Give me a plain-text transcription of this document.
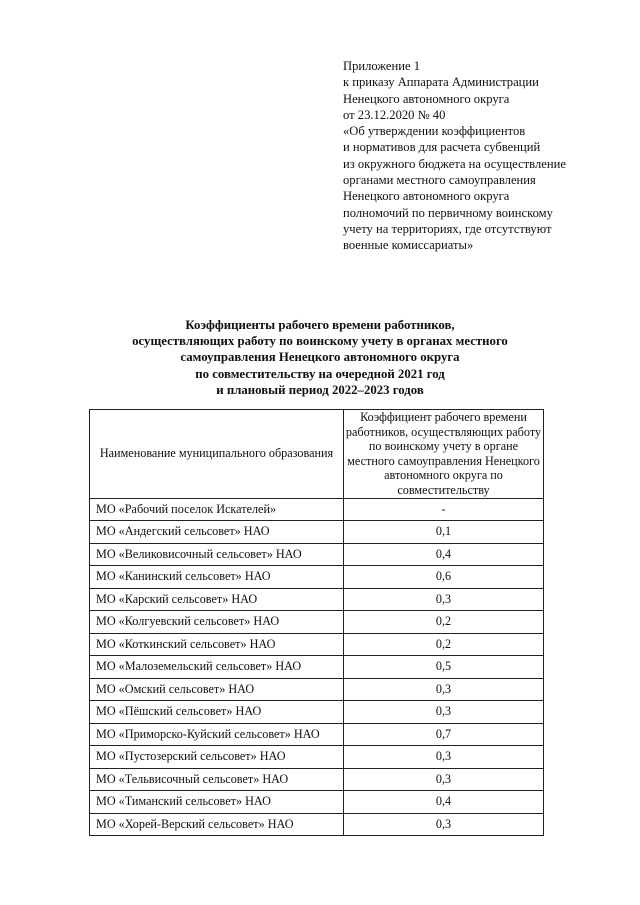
Приложение 1
к приказу Аппарата Администрации
Ненецкого автономного округа
от 23.12.2020 № 40
«Об утверждении коэффициентов
и нормативов для расчета субвенций
из окружного бюджета на осуществление
органами местного самоуправления
Ненецкого автономного округа
полномочий по первичному воинскому
учету на территориях, где отсутствуют
военные комиссариаты»
Коэффициенты рабочего времени работников,
осуществляющих работу по воинскому учету в органах местного
самоуправления Ненецкого автономного округа
по совместительству на очередной 2021 год
и плановый период 2022–2023 годов
Наименование муниципального образования	Коэффициент рабочего времени работников, осуществляющих работу по воинскому учету в органе местного самоуправления Ненецкого автономного округа по совместительству
МО «Рабочий поселок Искателей»	-
МО «Андегский сельсовет» НАО	0,1
МО «Великовисочный сельсовет» НАО	0,4
МО «Канинский сельсовет» НАО	0,6
МО «Карский сельсовет» НАО	0,3
МО «Колгуевский сельсовет» НАО	0,2
МО «Коткинский сельсовет» НАО	0,2
МО «Малоземельский сельсовет» НАО	0,5
МО «Омский сельсовет» НАО	0,3
МО «Пёшский сельсовет» НАО	0,3
МО «Приморско-Куйский сельсовет» НАО	0,7
МО «Пустозерский сельсовет» НАО	0,3
МО «Тельвисочный сельсовет» НАО	0,3
МО «Тиманский сельсовет» НАО	0,4
МО «Хорей-Верский сельсовет» НАО	0,3
